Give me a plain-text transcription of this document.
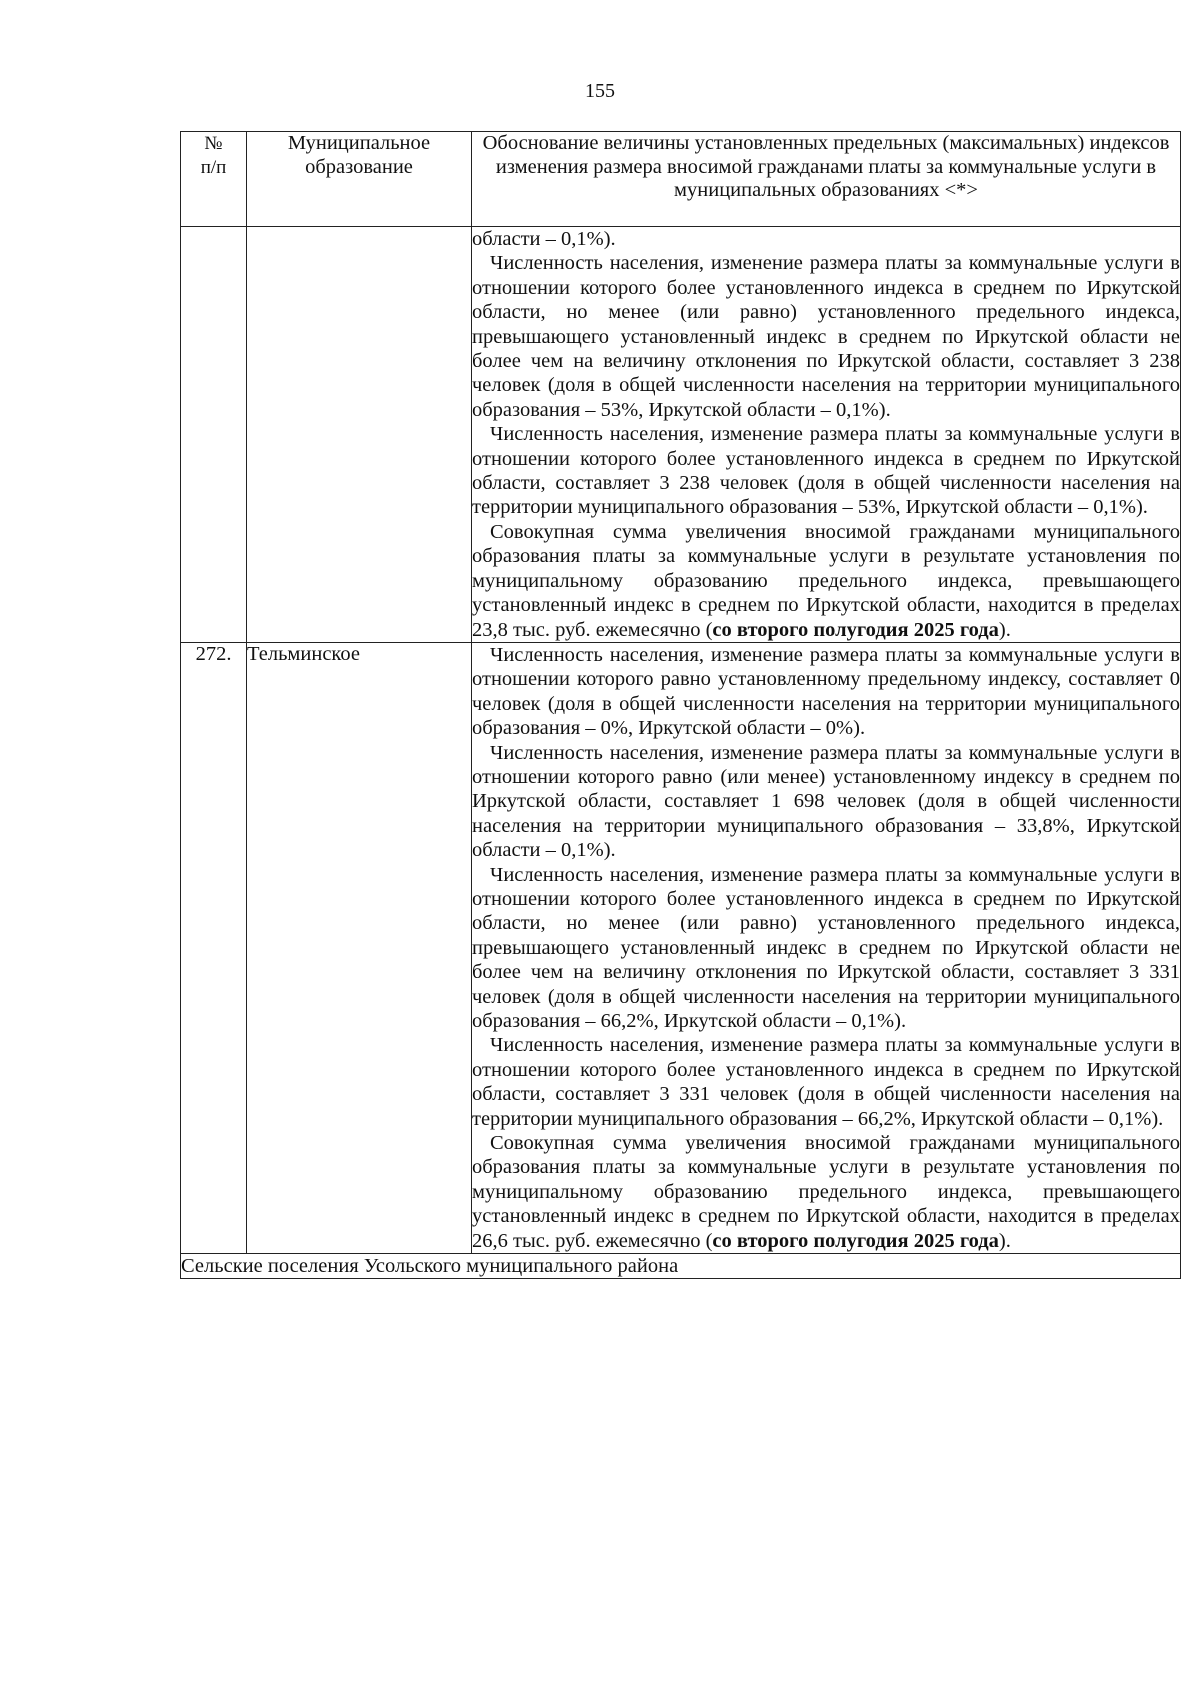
155
№
п/п	Муниципальное образование	Обоснование величины установленных предельных (максимальных) индексов изменения размера вносимой гражданами платы за коммунальные услуги в муниципальных образованиях <*>

		области – 0,1%).

Численность населения, изменение размера платы за коммунальные услуги в отношении которого более установленного индекса в среднем по Иркутской области, но менее (или равно) установленного предельного индекса, превышающего установленный индекс в среднем по Иркутской области не более чем на величину отклонения по Иркутской области, составляет 3 238 человек (доля в общей численности населения на территории муниципального образования – 53%, Иркутской области – 0,1%).

Численность населения, изменение размера платы за коммунальные услуги в отношении которого более установленного индекса в среднем по Иркутской области, составляет 3 238 человек (доля в общей численности населения на территории муниципального образования – 53%, Иркутской области – 0,1%).

Совокупная сумма увеличения вносимой гражданами муниципального образования платы за коммунальные услуги в результате установления по муниципальному образованию предельного индекса, превышающего установленный индекс в среднем по Иркутской области, находится в пределах 23,8 тыс. руб. ежемесячно (со второго полугодия 2025 года).

272.	Тельминское	Численность населения, изменение размера платы за коммунальные услуги в отношении которого равно установленному предельному индексу, составляет 0 человек (доля в общей численности населения на территории муниципального образования – 0%, Иркутской области – 0%).

Численность населения, изменение размера платы за коммунальные услуги в отношении которого равно (или менее) установленному индексу в среднем по Иркутской области, составляет 1 698 человек (доля в общей численности населения на территории муниципального образования – 33,8%, Иркутской области – 0,1%).

Численность населения, изменение размера платы за коммунальные услуги в отношении которого более установленного индекса в среднем по Иркутской области, но менее (или равно) установленного предельного индекса, превышающего установленный индекс в среднем по Иркутской области не более чем на величину отклонения по Иркутской области, составляет 3 331 человек (доля в общей численности населения на территории муниципального образования – 66,2%, Иркутской области – 0,1%).

Численность населения, изменение размера платы за коммунальные услуги в отношении которого более установленного индекса в среднем по Иркутской области, составляет 3 331 человек (доля в общей численности населения на территории муниципального образования – 66,2%, Иркутской области – 0,1%).

Совокупная сумма увеличения вносимой гражданами муниципального образования платы за коммунальные услуги в результате установления по муниципальному образованию предельного индекса, превышающего установленный индекс в среднем по Иркутской области, находится в пределах 26,6 тыс. руб. ежемесячно (со второго полугодия 2025 года).

Сельские поселения Усольского муниципального района		
